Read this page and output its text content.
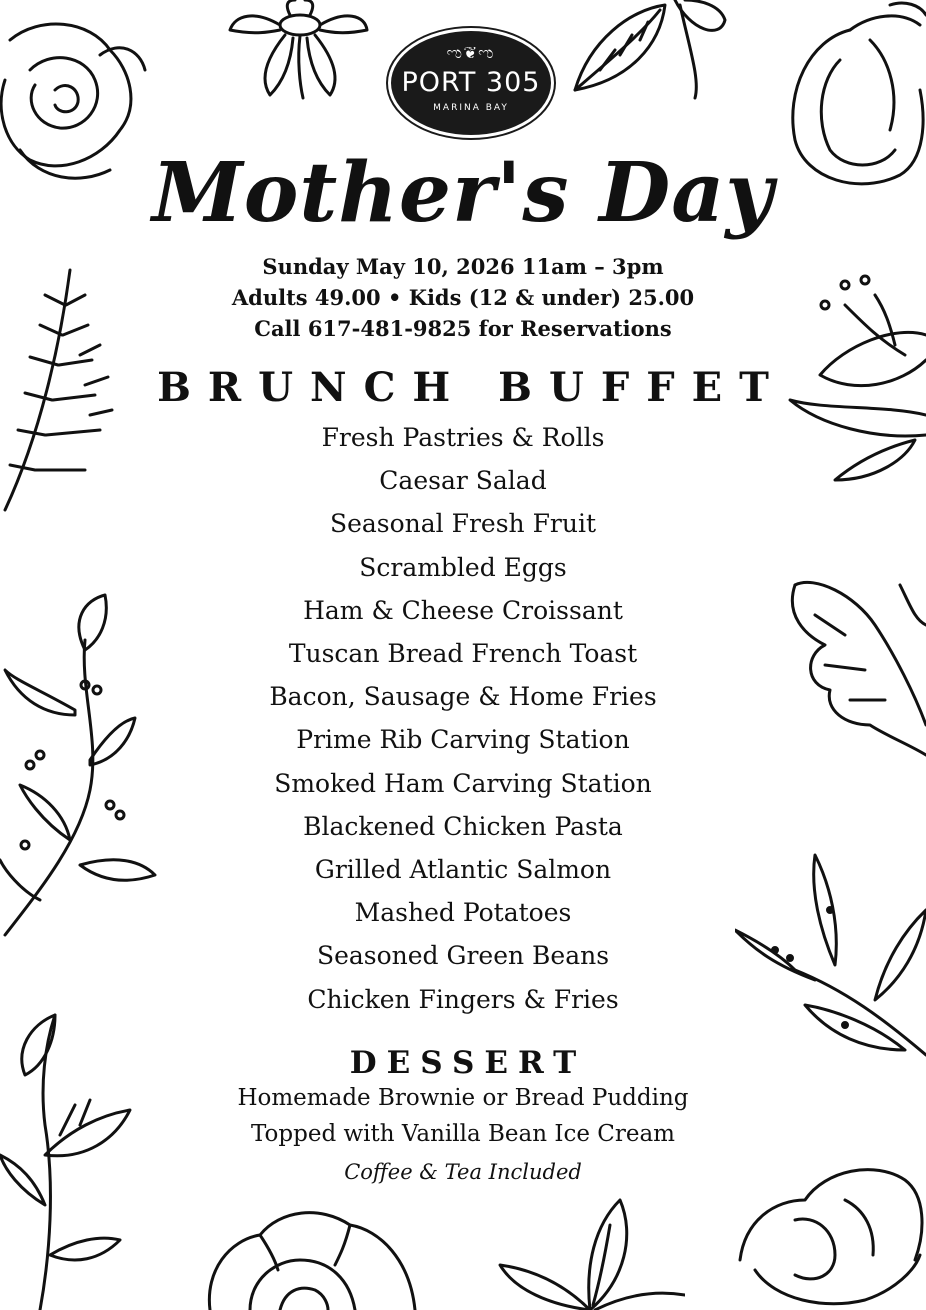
ಌ❦ಌ
PORT 305
MARINA BAY
Mother's Day
Sunday May 10, 2026 11am – 3pm
Adults 49.00 • Kids (12 & under) 25.00
Call 617-481-9825 for Reservations
BRUNCH BUFFET
Fresh Pastries & Rolls
Caesar Salad
Seasonal Fresh Fruit
Scrambled Eggs
Ham & Cheese Croissant
Tuscan Bread French Toast
Bacon, Sausage & Home Fries
Prime Rib Carving Station
Smoked Ham Carving Station
Blackened Chicken Pasta
Grilled Atlantic Salmon
Mashed Potatoes
Seasoned Green Beans
Chicken Fingers & Fries
DESSERT
Homemade Brownie or Bread Pudding
Topped with Vanilla Bean Ice Cream
Coffee & Tea Included
